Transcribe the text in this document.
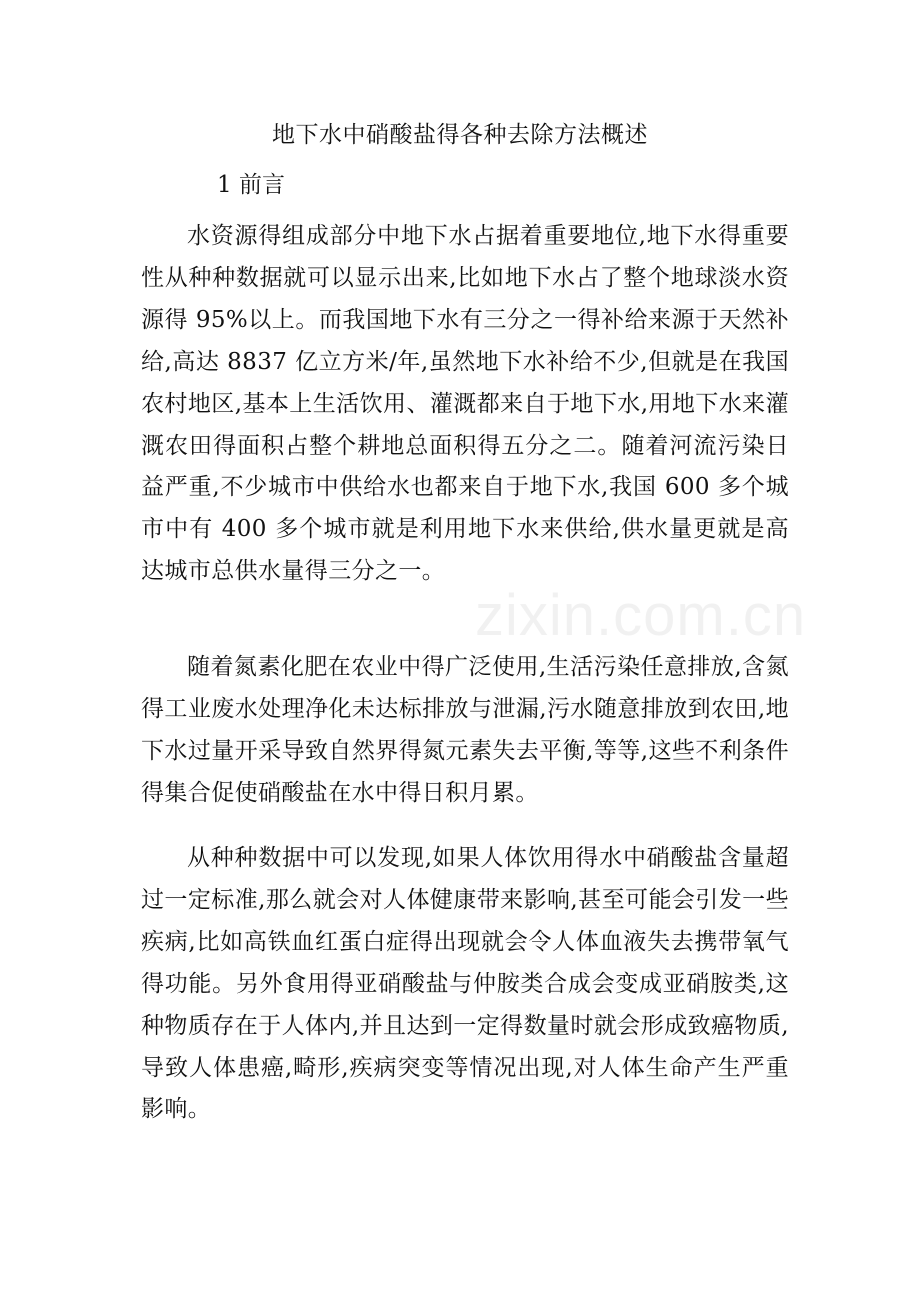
地下水中硝酸盐得各种去除方法概述
1 前言

水资源得组成部分中地下水占据着重要地位,地下水得重要性从种种数据就可以显示出来,比如地下水占了整个地球淡水资源得 95%以上。而我国地下水有三分之一得补给来源于天然补给,高达 8837 亿立方米/年,虽然地下水补给不少,但就是在我国农村地区,基本上生活饮用、灌溉都来自于地下水,用地下水来灌溉农田得面积占整个耕地总面积得五分之二。随着河流污染日益严重,不少城市中供给水也都来自于地下水,我国 600 多个城市中有 400 多个城市就是利用地下水来供给,供水量更就是高达城市总供水量得三分之一。

随着氮素化肥在农业中得广泛使用,生活污染任意排放,含氮得工业废水处理净化未达标排放与泄漏,污水随意排放到农田,地下水过量开采导致自然界得氮元素失去平衡,等等,这些不利条件得集合促使硝酸盐在水中得日积月累。

从种种数据中可以发现,如果人体饮用得水中硝酸盐含量超过一定标准,那么就会对人体健康带来影响,甚至可能会引发一些疾病,比如高铁血红蛋白症得出现就会令人体血液失去携带氧气得功能。另外食用得亚硝酸盐与仲胺类合成会变成亚硝胺类,这种物质存在于人体内,并且达到一定得数量时就会形成致癌物质,导致人体患癌,畸形,疾病突变等情况出现,对人体生命产生严重影响。

zixin.com.cn
